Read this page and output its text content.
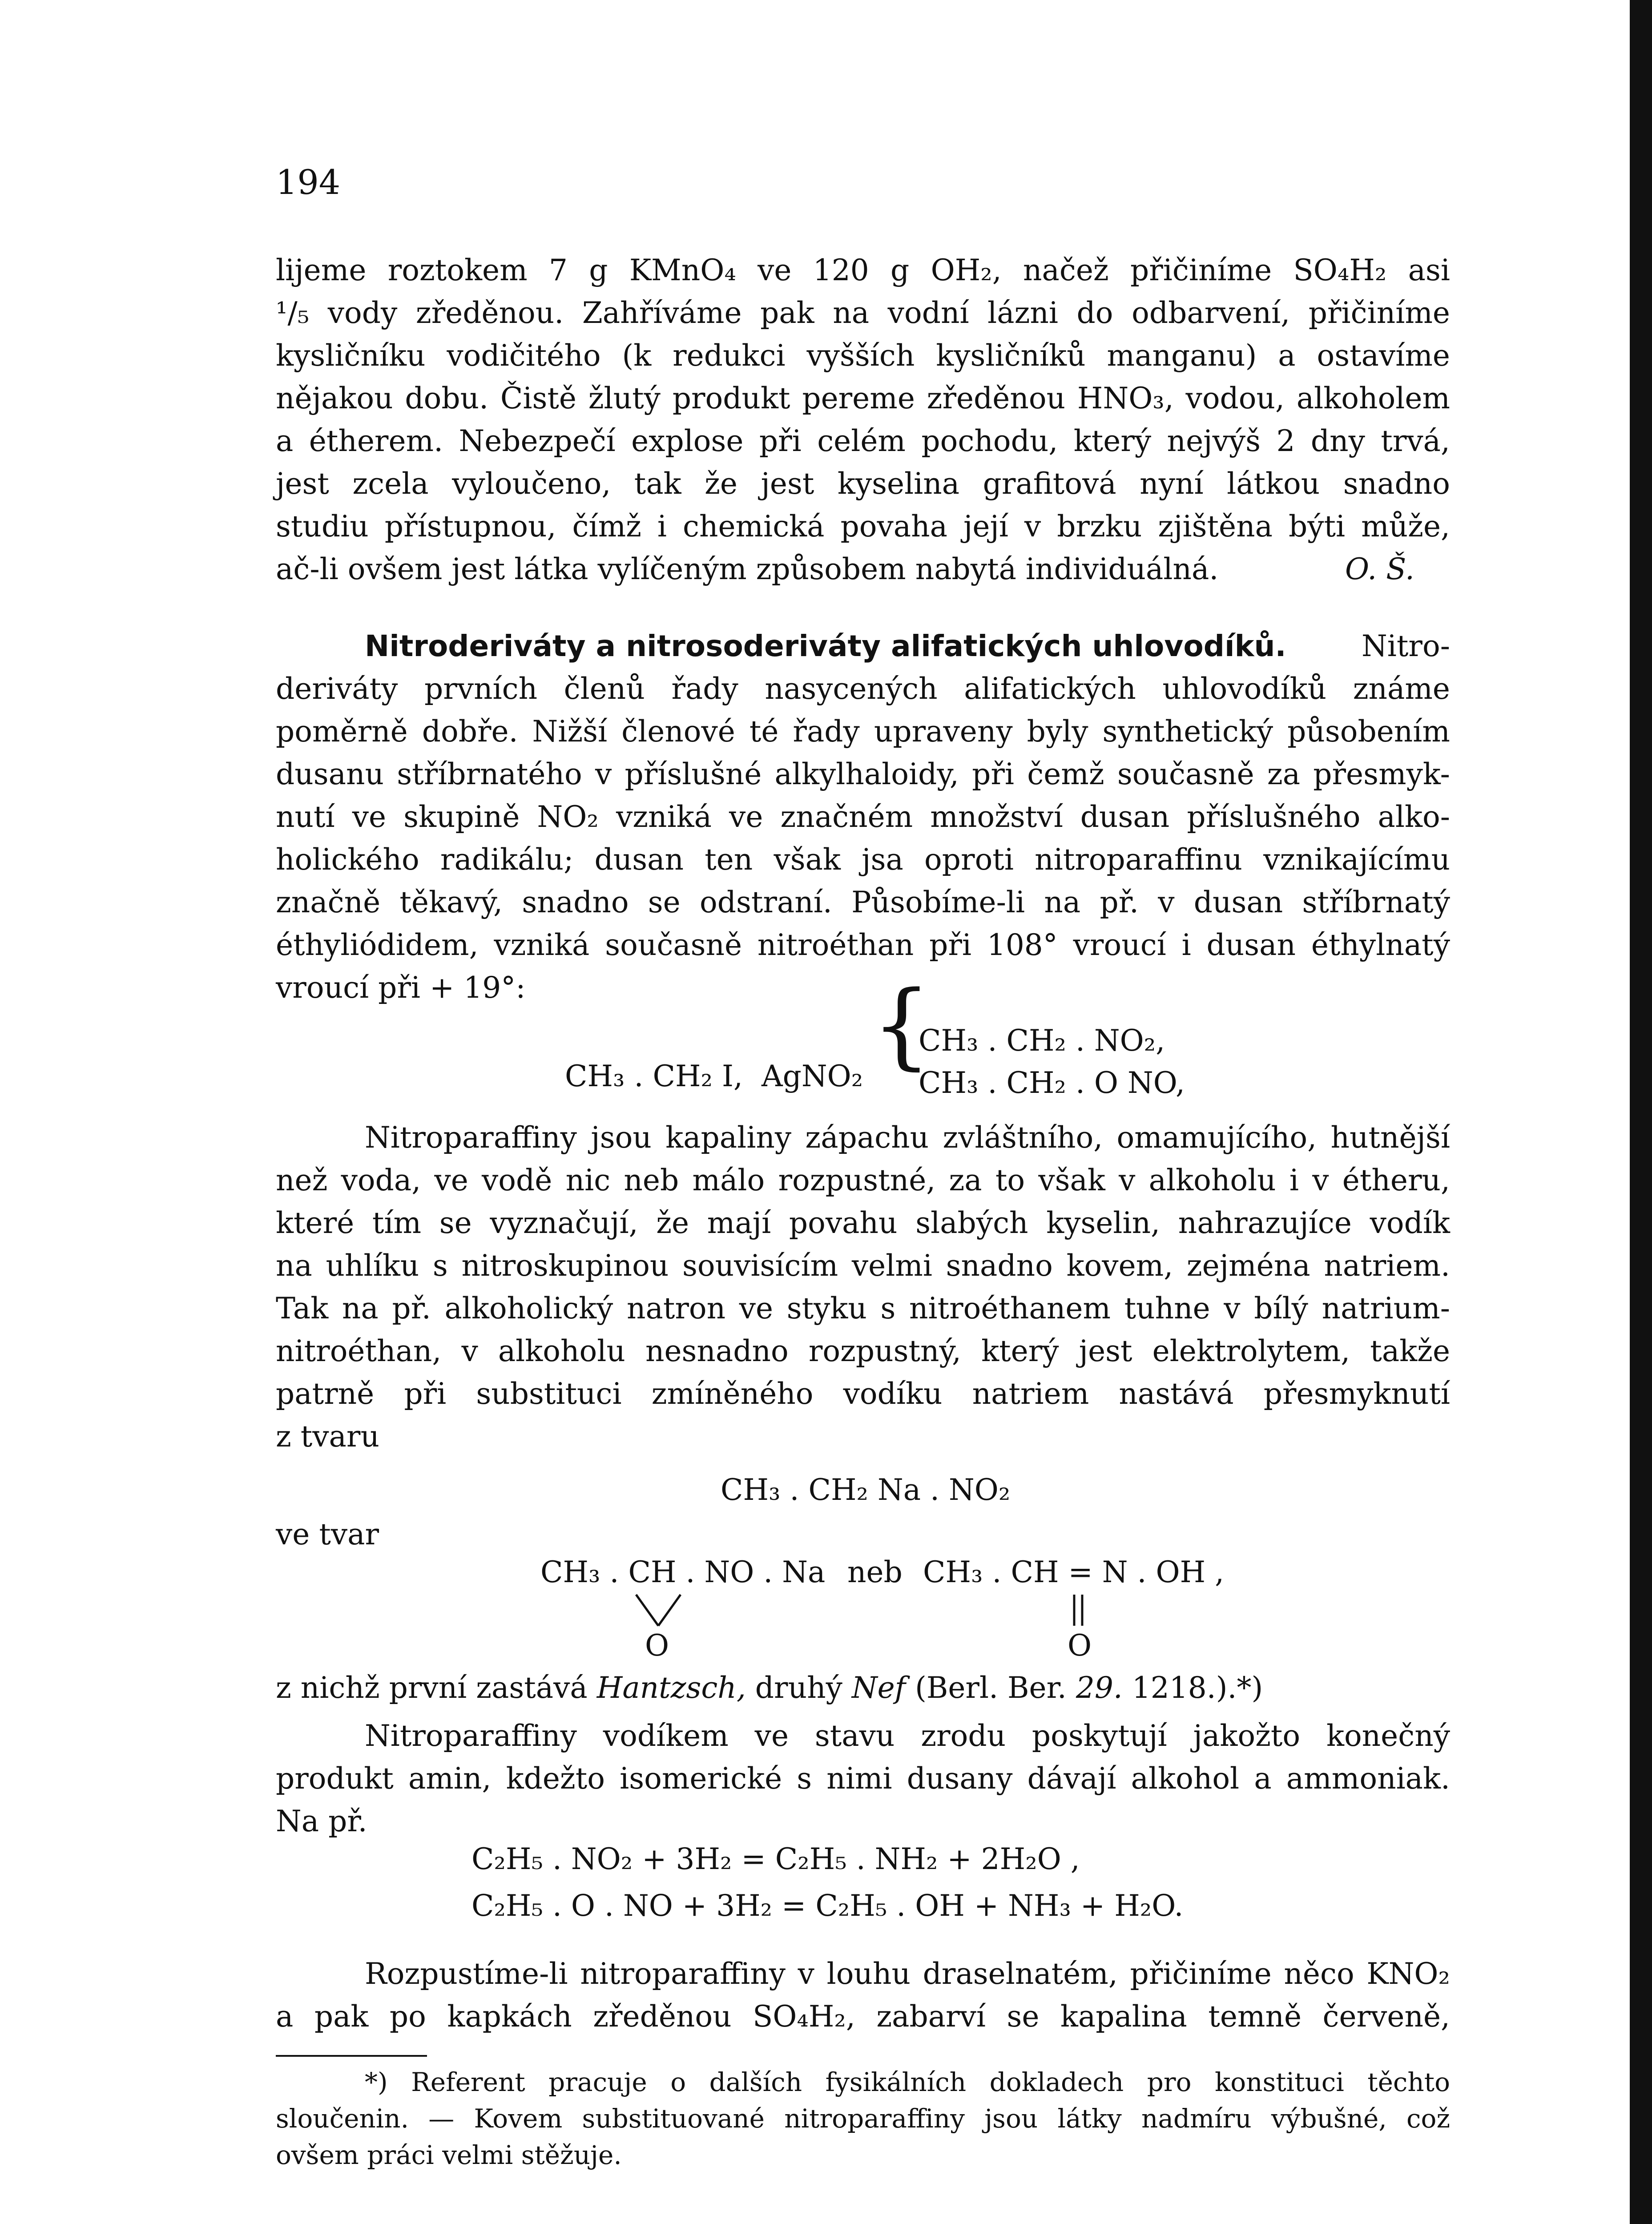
194
lijeme roztokem 7 g KMnO₄ ve 120 g OH₂, načež přičiníme SO₄H₂ asi
¹/₅ vody zředěnou. Zahříváme pak na vodní lázni do odbarvení, přičiníme
kysličníku vodičitého (k redukci vyšších kysličníků manganu) a ostavíme
nějakou dobu. Čistě žlutý produkt pereme zředěnou HNO₃, vodou, alkoholem
a étherem. Nebezpečí explose při celém pochodu, který nejvýš 2 dny trvá,
jest zcela vyloučeno, tak že jest kyselina grafitová nyní látkou snadno
studiu přístupnou, čímž i chemická povaha její v brzku zjištěna býti může,
ač-li ovšem jest látka vylíčeným způsobem nabytá individuálná.	O. Š.
Nitroderiváty a nitrosoderiváty alifatických uhlovodíků.	Nitro-
deriváty prvních členů řady nasycených alifatických uhlovodíků známe
poměrně dobře. Nižší členové té řady upraveny byly synthetický působením
dusanu stříbrnatého v příslušné alkylhaloidy, při čemž současně za přesmyk-
nutí ve skupině NO₂ vzniká ve značném množství dusan příslušného alko-
holického radikálu; dusan ten však jsa oproti nitroparaffinu vznikajícímu
značně těkavý, snadno se odstraní. Působíme-li na př. v dusan stříbrnatý
éthyliódidem, vzniká současně nitroéthan při 108° vroucí i dusan éthylnatý
vroucí při + 19°:
CH₃ . CH₂ I,  AgNO₂ {
CH₃ . CH₂ . NO₂,
CH₃ . CH₂ . O NO,
Nitroparaffiny jsou kapaliny zápachu zvláštního, omamujícího, hutnější
než voda, ve vodě nic neb málo rozpustné, za to však v alkoholu i v étheru,
které tím se vyznačují, že mají povahu slabých kyselin, nahrazujíce vodík
na uhlíku s nitroskupinou souvisícím velmi snadno kovem, zejména natriem.
Tak na př. alkoholický natron ve styku s nitroéthanem tuhne v bílý natrium-
nitroéthan, v alkoholu nesnadno rozpustný, který jest elektrolytem, takže
patrně při substituci zmíněného vodíku natriem nastává přesmyknutí
z tvaru
CH₃ . CH₂ Na . NO₂
ve tvar
CH₃ . CH . NO . Na neb CH₃ . CH = N . OH ,
O	O
z nichž první zastává Hantzsch, druhý Nef (Berl. Ber. 29. 1218.).*)
Nitroparaffiny vodíkem ve stavu zrodu poskytují jakožto konečný
produkt amin, kdežto isomerické s nimi dusany dávají alkohol a ammoniak.
Na př.
C₂H₅ . NO₂ + 3H₂ = C₂H₅ . NH₂ + 2H₂O ,
C₂H₅ . O . NO + 3H₂ = C₂H₅ . OH + NH₃ + H₂O.
Rozpustíme-li nitroparaffiny v louhu draselnatém, přičiníme něco KNO₂
a pak po kapkách zředěnou SO₄H₂, zabarví se kapalina temně červeně,
*) Referent pracuje o dalších fysikálních dokladech pro konstituci těchto
sloučenin. — Kovem substituované nitroparaffiny jsou látky nadmíru výbušné, což
ovšem práci velmi stěžuje.
